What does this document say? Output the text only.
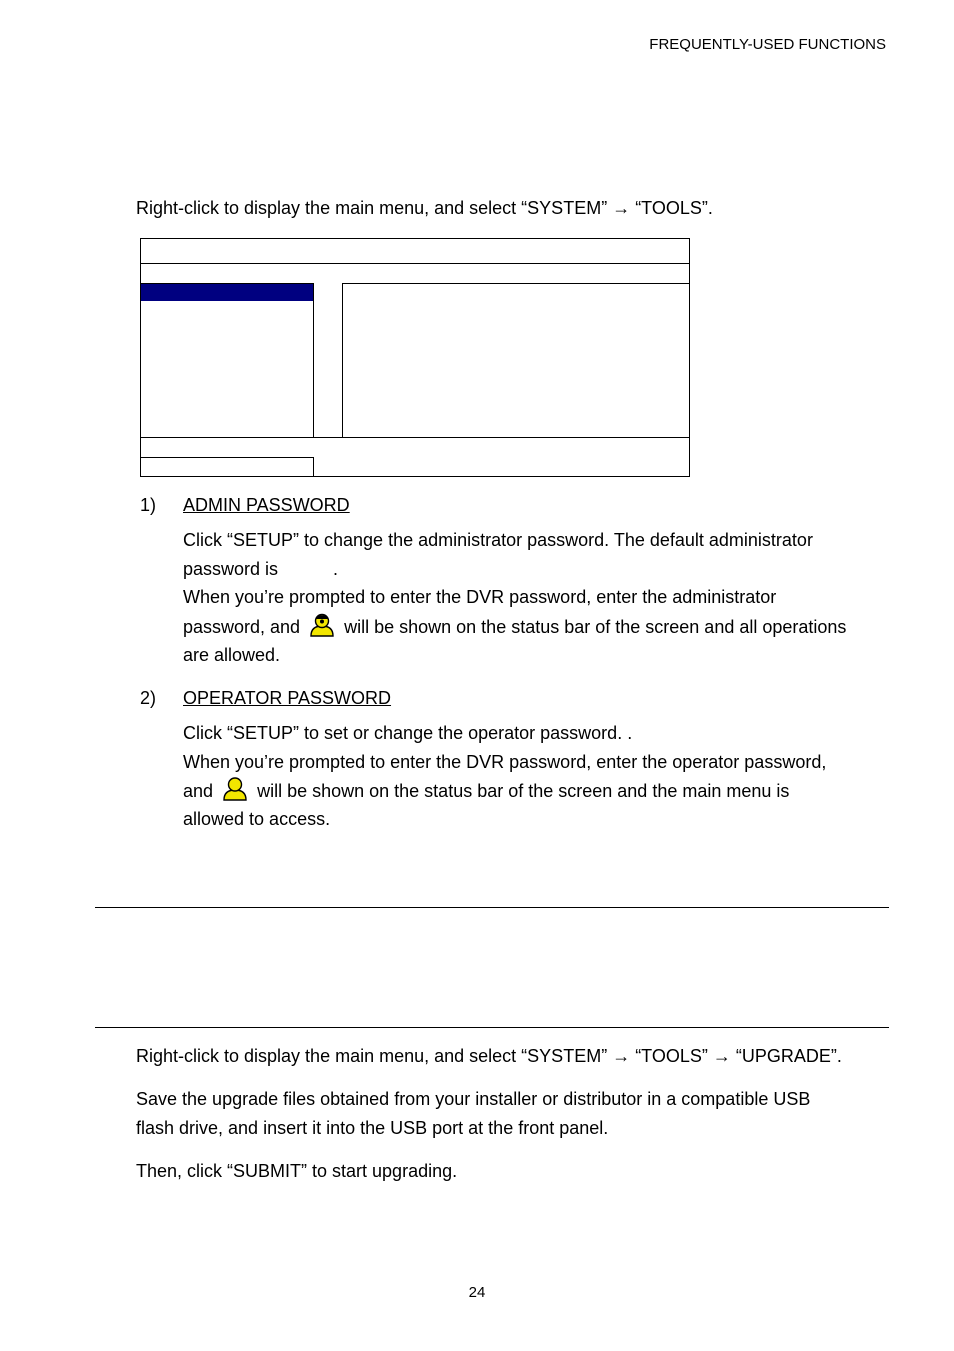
FREQUENTLY-USED FUNCTIONS
Right-click to display the main menu, and select “SYSTEM” → “TOOLS”.
1) ADMIN PASSWORD
Click “SETUP” to change the administrator password. The default administrator
password is           .
When you’re prompted to enter the DVR password, enter the administrator
password, and will be shown on the status bar of the screen and all operations
are allowed.
2) OPERATOR PASSWORD
Click “SETUP” to set or change the operator password. .
When you’re prompted to enter the DVR password, enter the operator password,
and will be shown on the status bar of the screen and the main menu is
allowed to access.
Right-click to display the main menu, and select “SYSTEM” → “TOOLS” → “UPGRADE”.
Save the upgrade files obtained from your installer or distributor in a compatible USB
flash drive, and insert it into the USB port at the front panel.
Then, click “SUBMIT” to start upgrading.
24
